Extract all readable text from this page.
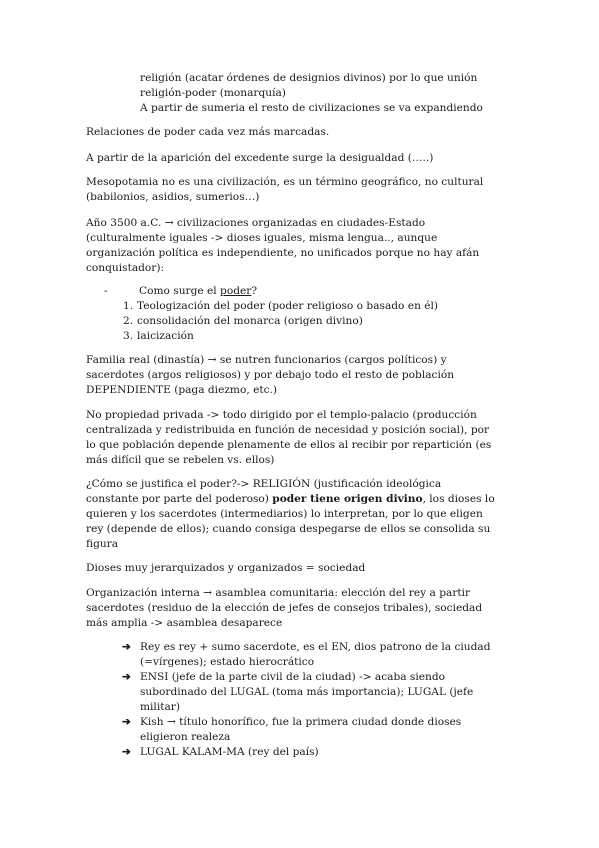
religión (acatar órdenes de designios divinos) por lo que unión
religión-poder (monarquía)
A partir de sumeria el resto de civilizaciones se va expandiendo
Relaciones de poder cada vez más marcadas.
A partir de la aparición del excedente surge la desigualdad (…..)
Mesopotamia no es una civilización, es un término geográfico, no cultural
(babilonios, asidios, sumerios…)
Año 3500 a.C. → civilizaciones organizadas en ciudades-Estado
(culturalmente iguales -> dioses iguales, misma lengua.., aunque
organización política es independiente, no unificados porque no hay afán
conquistador):
-	Como surge el poder?
1. Teologización del poder (poder religioso o basado en él)
2. consolidación del monarca (origen divino)
3. laicización
Familia real (dinastía) → se nutren funcionarios (cargos políticos) y
sacerdotes (argos religiosos) y por debajo todo el resto de población
DEPENDIENTE (paga diezmo, etc.)
No propiedad privada -> todo dirigido por el templo-palacio (producción
centralizada y redistribuida en función de necesidad y posición social), por
lo que población depende plenamente de ellos al recibir por repartición (es
más difícil que se rebelen vs. ellos)
¿Cómo se justifica el poder?-> RELIGIÓN (justificación ideológica
constante por parte del poderoso) poder tiene origen divino, los dioses lo
quieren y los sacerdotes (intermediarios) lo interpretan, por lo que eligen
rey (depende de ellos); cuando consiga despegarse de ellos se consolida su
figura
Dioses muy jerarquizados y organizados = sociedad
Organización interna → asamblea comunitaria: elección del rey a partir
sacerdotes (residuo de la elección de jefes de consejos tribales), sociedad
más amplia -> asamblea desaparece
➔ Rey es rey + sumo sacerdote, es el EN, dios patrono de la ciudad
(=vírgenes); estado hierocrático
➔ ENSI (jefe de la parte civil de la ciudad) -> acaba siendo
subordinado del LUGAL (toma más importancia); LUGAL (jefe
militar)
➔ Kish → título honorífico, fue la primera ciudad donde dioses
eligieron realeza
➔ LUGAL KALAM-MA (rey del país)
